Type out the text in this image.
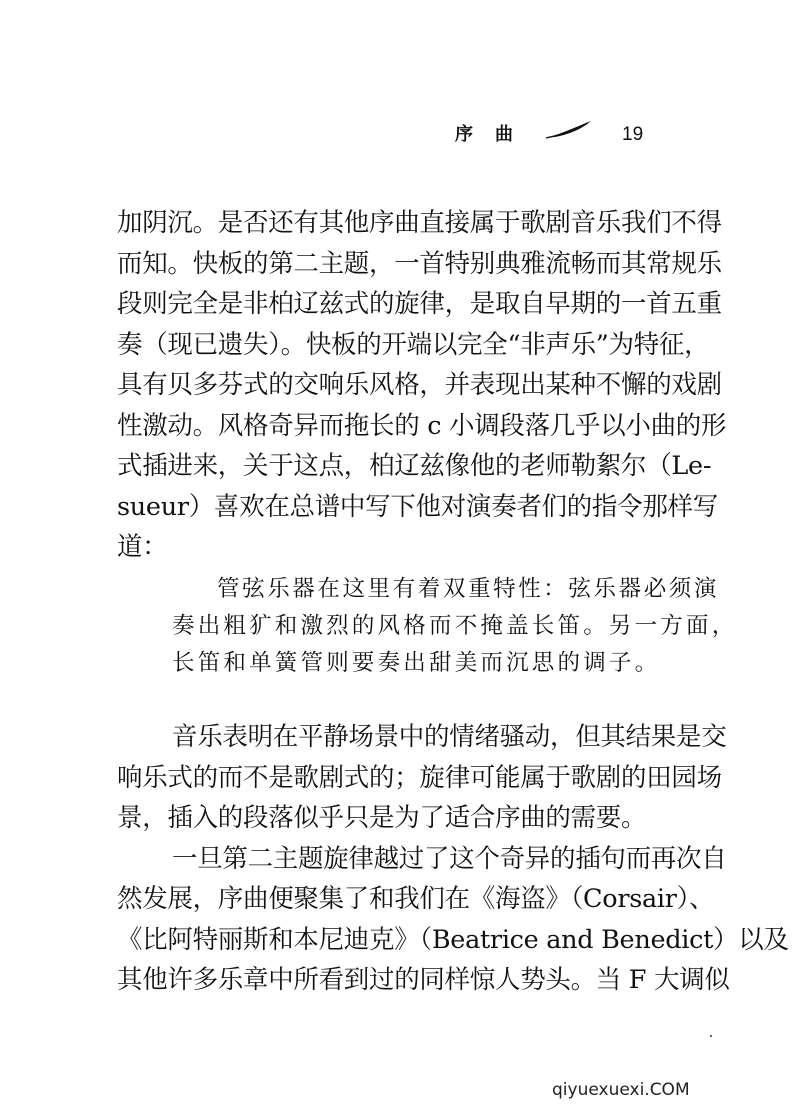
序曲	19
加阴沉。是否还有其他序曲直接属于歌剧音乐我们不得
而知。快板的第二主题，一首特别典雅流畅而其常规乐
段则完全是非柏辽兹式的旋律，是取自早期的一首五重
奏（现已遗失）。快板的开端以完全“非声乐”为特征，
具有贝多芬式的交响乐风格，并表现出某种不懈的戏剧
性激动。风格奇异而拖长的 c 小调段落几乎以小曲的形
式插进来，关于这点，柏辽兹像他的老师勒絮尔（Le-
sueur）喜欢在总谱中写下他对演奏者们的指令那样写
道：
管弦乐器在这里有着双重特性：弦乐器必须演
奏出粗犷和激烈的风格而不掩盖长笛。另一方面，
长笛和单簧管则要奏出甜美而沉思的调子。
音乐表明在平静场景中的情绪骚动，但其结果是交
响乐式的而不是歌剧式的；旋律可能属于歌剧的田园场
景，插入的段落似乎只是为了适合序曲的需要。
一旦第二主题旋律越过了这个奇异的插句而再次自
然发展，序曲便聚集了和我们在《海盗》（Corsair）、
《比阿特丽斯和本尼迪克》（Beatrice and Benedict）以及
其他许多乐章中所看到过的同样惊人势头。当 F 大调似
qiyuexuexi.COM
